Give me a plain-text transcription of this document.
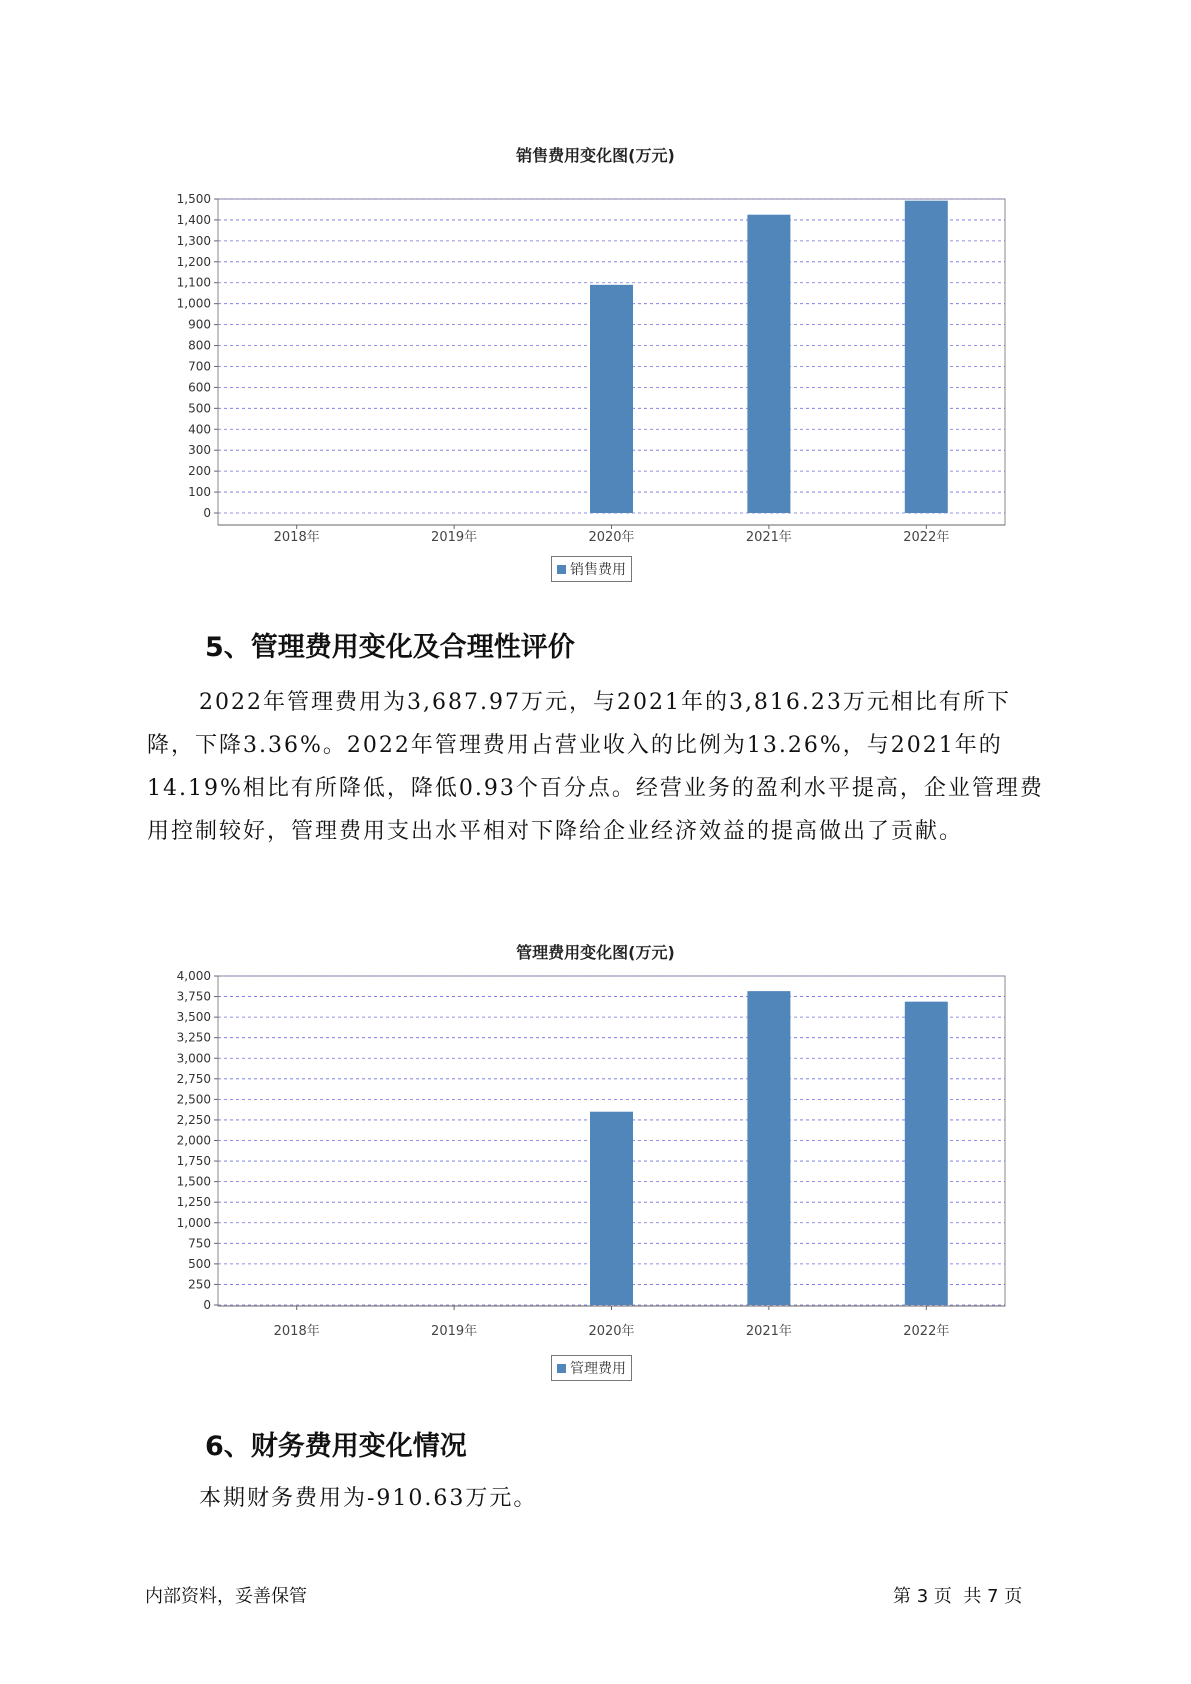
销售费用变化图(万元)
0
100
200
300
400
500
600
700
800
900
1,000
1,100
1,200
1,300
1,400
1,500
2018年	2019年	2020年	2021年	2022年
销售费用
5、管理费用变化及合理性评价

2022年管理费用为3,687.97万元，与2021年的3,816.23万元相比有所下降，下降3.36%。2022年管理费用占营业收入的比例为13.26%，与2021年的14.19%相比有所降低，降低0.93个百分点。经营业务的盈利水平提高，企业管理费用控制较好，管理费用支出水平相对下降给企业经济效益的提高做出了贡献。

管理费用变化图(万元)
0
250
500
750
1,000
1,250
1,500
1,750
2,000
2,250
2,500
2,750
3,000
3,250
3,500
3,750
4,000
2018年	2019年	2020年	2021年	2022年
管理费用
6、财务费用变化情况

本期财务费用为-910.63万元。

内部资料，妥善保管	第 3 页  共 7 页
